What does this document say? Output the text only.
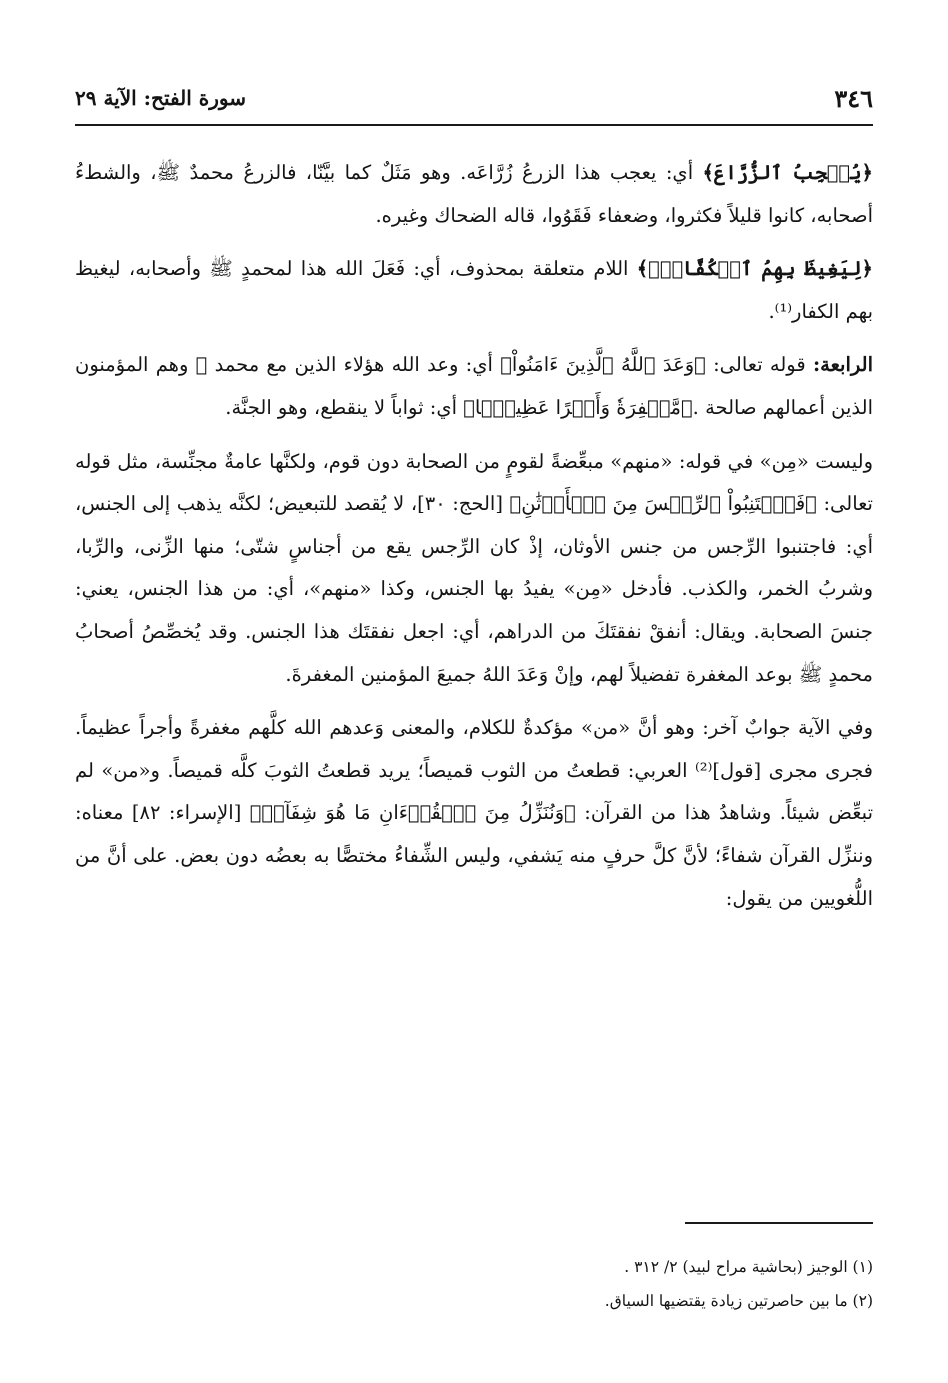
٣٤٦
سورة الفتح: الآية ٢٩

﴿يُعۡجِبُ ٱلزُّرَّاعَ﴾ أي: يعجب هذا الزرعُ زُرَّاعَه. وهو مَثَلٌ كما بيَّنّا، فالزرعُ محمدٌ ﷺ، والشطءُ أصحابه، كانوا قليلاً فكثروا، وضعفاء فَقَوُوا، قاله الضحاك وغيره.

﴿لِيَغِيظَ بِهِمُ ٱلۡكُفَّارَۗ﴾ اللام متعلقة بمحذوف، أي: فَعَلَ الله هذا لمحمدٍ ﷺ وأصحابه، ليغيظ بهم الكفار⁽¹⁾.

الرابعة: قوله تعالى: ﴿وَعَدَ ٱللَّهُ ٱلَّذِينَ ءَامَنُواْ﴾ أي: وعد الله هؤلاء الذين مع محمد ﷺ وهم المؤمنون الذين أعمالهم صالحة .﴿مَّغۡفِرَةٗ وَأَجۡرًا عَظِيمَۢا﴾ أي: ثواباً لا ينقطع، وهو الجنَّة.

وليست «مِن» في قوله: «منهم» مبعِّضةً لقومٍ من الصحابة دون قوم، ولكنَّها عامةٌ مجنِّسة، مثل قوله تعالى: ﴿فَٱجۡتَنِبُواْ ٱلرِّجۡسَ مِنَ ٱلۡأَوۡثَٰنِ﴾ [الحج: ٣٠]، لا يُقصد للتبعيض؛ لكنَّه يذهب إلى الجنس، أي: فاجتنبوا الرِّجس من جنس الأوثان، إذْ كان الرِّجس يقع من أجناسٍ شتّى؛ منها الزِّنى، والرِّبا، وشربُ الخمر، والكذب. فأدخل «مِن» يفيدُ بها الجنس، وكذا «منهم»، أي: من هذا الجنس، يعني: جنسَ الصحابة. ويقال: أنفقْ نفقتَكَ من الدراهم، أي: اجعل نفقتَك هذا الجنس. وقد يُخصِّصُ أصحابُ محمدٍ ﷺ بوعد المغفرة تفضيلاً لهم، وإنْ وَعَدَ اللهُ جميعَ المؤمنين المغفرةَ.

وفي الآية جوابٌ آخر: وهو أنَّ «من» مؤكدةٌ للكلام، والمعنى وَعدهم الله كلَّهم مغفرةً وأجراً عظيماً. فجرى مجرى [قول]⁽²⁾ العربي: قطعتُ من الثوب قميصاً؛ يريد قطعتُ الثوبَ كلَّه قميصاً. و«من» لم تبعِّض شيئاً. وشاهدُ هذا من القرآن: ﴿وَنُنَزِّلُ مِنَ ٱلۡقُرۡءَانِ مَا هُوَ شِفَآءٞ﴾ [الإسراء: ٨٢] معناه: وننزِّل القرآن شفاءً؛ لأنَّ كلَّ حرفٍ منه يَشفي، وليس الشِّفاءُ مختصًّا به بعضُه دون بعض. على أنَّ من اللُّغويين من يقول:

(١) الوجيز (بحاشية مراح لبيد) ٢/ ٣١٢ .

(٢) ما بين حاصرتين زيادة يقتضيها السياق.
